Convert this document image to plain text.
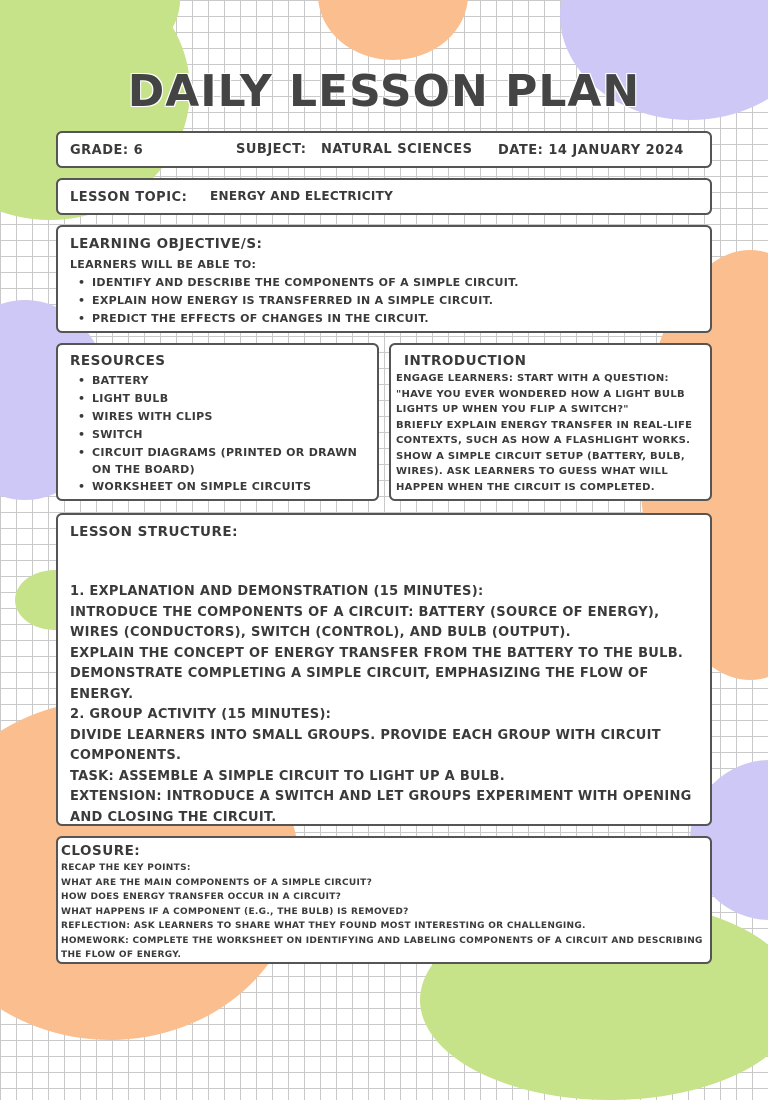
DAILY LESSON PLAN
GRADE: 6	SUBJECT: NATURAL SCIENCES DATE: 14 JANUARY 2024
LESSON TOPIC: ENERGY AND ELECTRICITY
LEARNING OBJECTIVE/S:
LEARNERS WILL BE ABLE TO:
• IDENTIFY AND DESCRIBE THE COMPONENTS OF A SIMPLE CIRCUIT.
• EXPLAIN HOW ENERGY IS TRANSFERRED IN A SIMPLE CIRCUIT.
• PREDICT THE EFFECTS OF CHANGES IN THE CIRCUIT.
RESOURCES
• BATTERY
• LIGHT BULB
• WIRES WITH CLIPS
• SWITCH
• CIRCUIT DIAGRAMS (PRINTED OR DRAWN ON THE BOARD)
• WORKSHEET ON SIMPLE CIRCUITS
INTRODUCTION
ENGAGE LEARNERS: START WITH A QUESTION: "HAVE YOU EVER WONDERED HOW A LIGHT BULB LIGHTS UP WHEN YOU FLIP A SWITCH?"
BRIEFLY EXPLAIN ENERGY TRANSFER IN REAL-LIFE CONTEXTS, SUCH AS HOW A FLASHLIGHT WORKS.
SHOW A SIMPLE CIRCUIT SETUP (BATTERY, BULB, WIRES). ASK LEARNERS TO GUESS WHAT WILL HAPPEN WHEN THE CIRCUIT IS COMPLETED.
LESSON STRUCTURE:
1. EXPLANATION AND DEMONSTRATION (15 MINUTES):
INTRODUCE THE COMPONENTS OF A CIRCUIT: BATTERY (SOURCE OF ENERGY), WIRES (CONDUCTORS), SWITCH (CONTROL), AND BULB (OUTPUT).
EXPLAIN THE CONCEPT OF ENERGY TRANSFER FROM THE BATTERY TO THE BULB.
DEMONSTRATE COMPLETING A SIMPLE CIRCUIT, EMPHASIZING THE FLOW OF ENERGY.
2. GROUP ACTIVITY (15 MINUTES):
DIVIDE LEARNERS INTO SMALL GROUPS. PROVIDE EACH GROUP WITH CIRCUIT COMPONENTS.
TASK: ASSEMBLE A SIMPLE CIRCUIT TO LIGHT UP A BULB.
EXTENSION: INTRODUCE A SWITCH AND LET GROUPS EXPERIMENT WITH OPENING AND CLOSING THE CIRCUIT.
CLOSURE:
RECAP THE KEY POINTS:
WHAT ARE THE MAIN COMPONENTS OF A SIMPLE CIRCUIT?
HOW DOES ENERGY TRANSFER OCCUR IN A CIRCUIT?
WHAT HAPPENS IF A COMPONENT (E.G., THE BULB) IS REMOVED?
REFLECTION: ASK LEARNERS TO SHARE WHAT THEY FOUND MOST INTERESTING OR CHALLENGING.
HOMEWORK: COMPLETE THE WORKSHEET ON IDENTIFYING AND LABELING COMPONENTS OF A CIRCUIT AND DESCRIBING THE FLOW OF ENERGY.
